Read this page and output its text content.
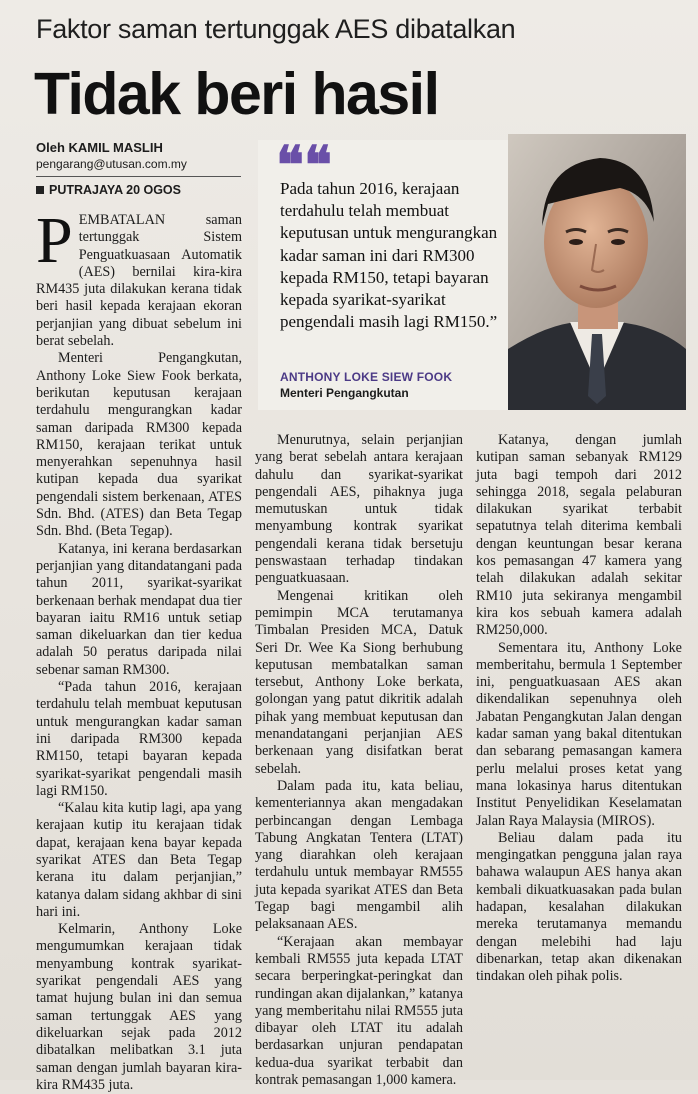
Faktor saman tertunggak AES dibatalkan
Tidak beri hasil
Oleh KAMIL MASLIH
pengarang@utusan.com.my
PUTRAJAYA 20 OGOS ❝❝
Pada tahun 2016, kerajaan terdahulu telah membuat keputusan untuk mengurangkan kadar saman ini dari RM300 kepada RM150, tetapi bayaran kepada syarikat-syarikat pengendali masih lagi RM150.”
ANTHONY LOKE SIEW FOOK
Menteri Pengangkutan

PEMBATALAN saman tertunggak Sistem Penguatkuasaan Automatik (AES) bernilai kira-kira RM435 juta dilakukan kerana tidak beri hasil kepada kerajaan ekoran perjanjian yang dibuat sebelum ini berat sebelah.

Menteri Pengangkutan, Anthony Loke Siew Fook berkata, berikutan keputusan kerajaan terdahulu mengurangkan kadar saman daripada RM300 kepada RM150, kerajaan terikat untuk menyerahkan sepenuhnya hasil kutipan kepada dua syarikat pengendali sistem berkenaan, ATES Sdn. Bhd. (ATES) dan Beta Tegap Sdn. Bhd. (Beta Tegap).

Katanya, ini kerana berdasarkan perjanjian yang ditandatangani pada tahun 2011, syarikat-syarikat berkenaan berhak mendapat dua tier bayaran iaitu RM16 untuk setiap saman dikeluarkan dan tier kedua adalah 50 peratus daripada nilai sebenar saman RM300.

“Pada tahun 2016, kerajaan terdahulu telah membuat keputusan untuk mengurangkan kadar saman ini daripada RM300 kepada RM150, tetapi bayaran kepada syarikat-syarikat pengendali masih lagi RM150.

“Kalau kita kutip lagi, apa yang kerajaan kutip itu kerajaan tidak dapat, kerajaan kena bayar kepada syarikat ATES dan Beta Tegap kerana itu dalam perjanjian,” katanya dalam sidang akhbar di sini hari ini.

Kelmarin, Anthony Loke mengumumkan kerajaan tidak menyambung kontrak syarikat-syarikat pengendali AES yang tamat hujung bulan ini dan semua saman tertunggak AES yang dikeluarkan sejak pada 2012 dibatalkan melibatkan 3.1 juta saman dengan jumlah bayaran kira-kira RM435 juta.

Menurutnya, selain perjanjian yang berat sebelah antara kerajaan dahulu dan syarikat-syarikat pengendali AES, pihaknya juga memutuskan untuk tidak menyambung kontrak syarikat pengendali kerana tidak bersetuju penswastaan terhadap tindakan penguatkuasaan.

Mengenai kritikan oleh pemimpin MCA terutamanya Timbalan Presiden MCA, Datuk Seri Dr. Wee Ka Siong berhubung keputusan membatalkan saman tersebut, Anthony Loke berkata, golongan yang patut dikritik adalah pihak yang membuat keputusan dan menandatangani perjanjian AES berkenaan yang disifatkan berat sebelah.

Dalam pada itu, kata beliau, kementeriannya akan mengadakan perbincangan dengan Lembaga Tabung Angkatan Tentera (LTAT) yang diarahkan oleh kerajaan terdahulu untuk membayar RM555 juta kepada syarikat ATES dan Beta Tegap bagi mengambil alih pelaksanaan AES.

“Kerajaan akan membayar kembali RM555 juta kepada LTAT secara berperingkat-peringkat dan rundingan akan dijalankan,” katanya yang memberitahu nilai RM555 juta dibayar oleh LTAT itu adalah berdasarkan unjuran pendapatan kedua-dua syarikat terbabit dan kontrak pemasangan 1,000 kamera.

Katanya, dengan jumlah kutipan saman sebanyak RM129 juta bagi tempoh dari 2012 sehingga 2018, segala pelaburan dilakukan syarikat terbabit sepatutnya telah diterima kembali dengan keuntungan besar kerana kos pemasangan 47 kamera yang telah dilakukan adalah sekitar RM10 juta sekiranya mengambil kira kos sebuah kamera adalah RM250,000.

Sementara itu, Anthony Loke memberitahu, bermula 1 September ini, penguatkuasaan AES akan dikendalikan sepenuhnya oleh Jabatan Pengangkutan Jalan dengan kadar saman yang bakal ditentukan dan sebarang pemasangan kamera perlu melalui proses ketat yang mana lokasinya harus ditentukan Institut Penyelidikan Keselamatan Jalan Raya Malaysia (MIROS).

Beliau dalam pada itu mengingatkan pengguna jalan raya bahawa walaupun AES hanya akan kembali dikuatkuasakan pada bulan hadapan, kesalahan dilakukan mereka terutamanya memandu dengan melebihi had laju dibenarkan, tetap akan dikenakan tindakan oleh pihak polis.
